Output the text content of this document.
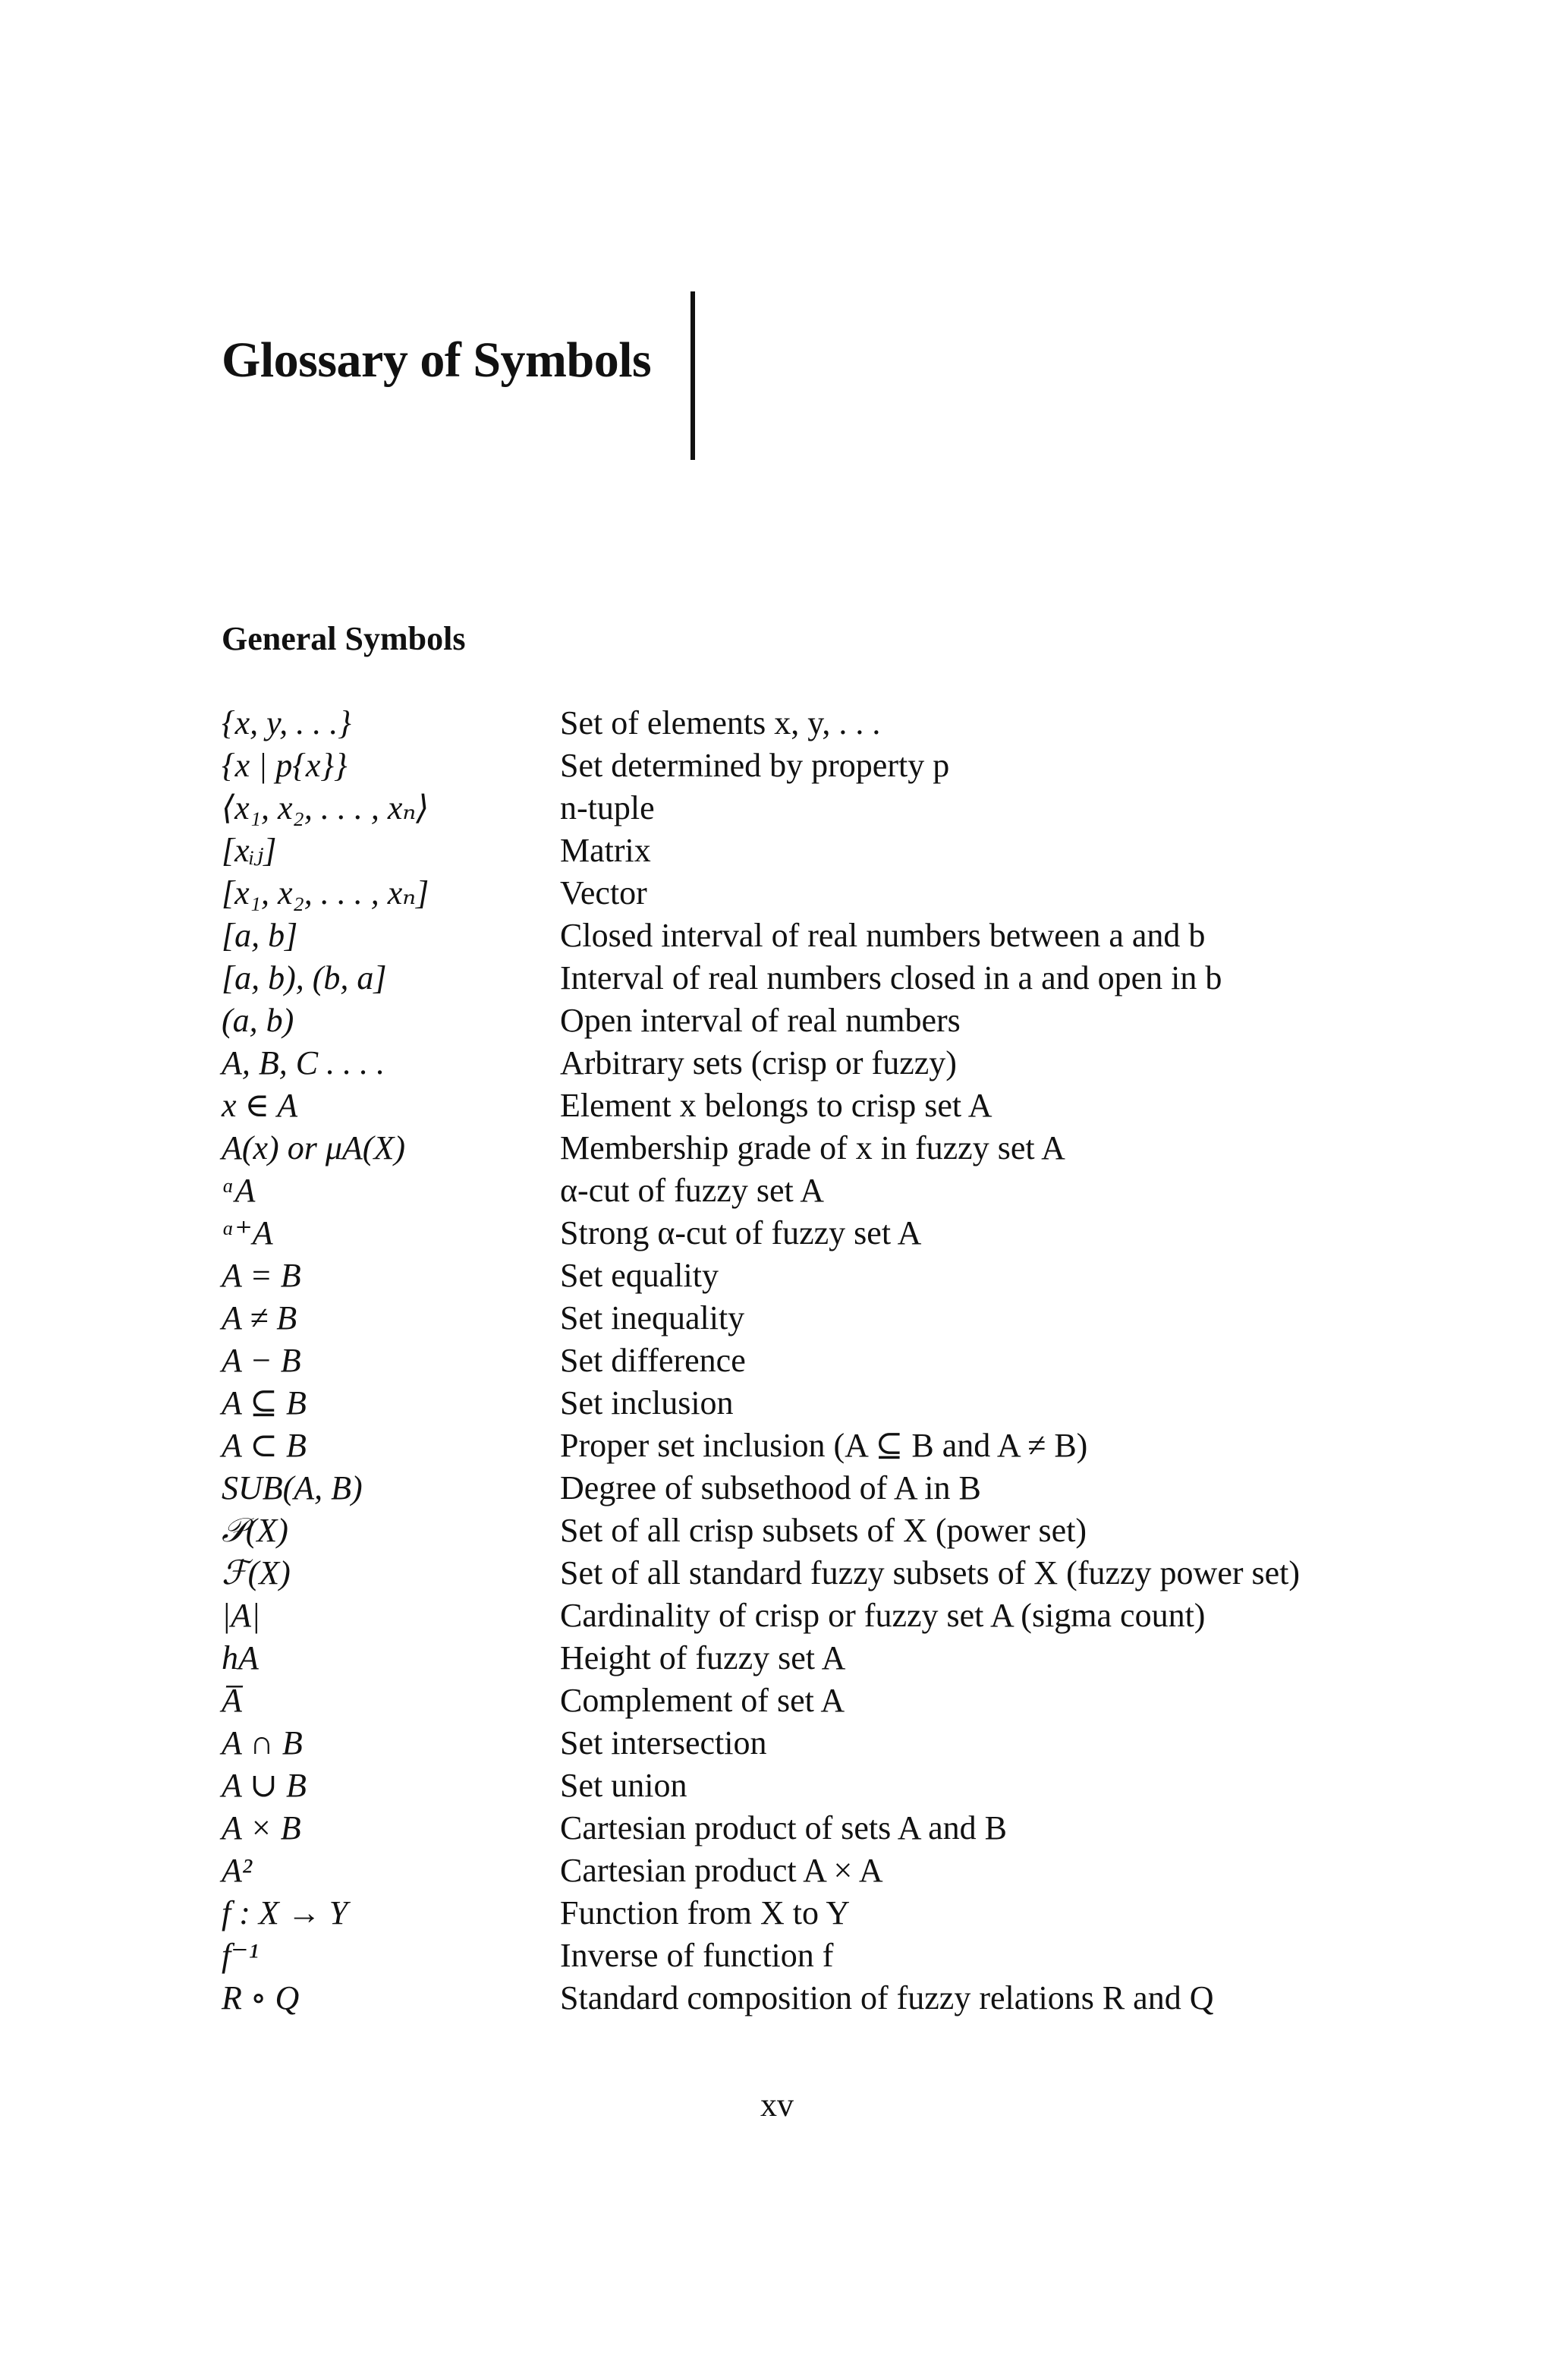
Glossary of Symbols
General Symbols
{x, y, . . .}	Set of elements x, y, . . .
{x | p{x}}	Set determined by property p
⟨x₁, x₂, . . . , xₙ⟩	n-tuple
[xᵢⱼ]	Matrix
[x₁, x₂, . . . , xₙ]	Vector
[a, b]	Closed interval of real numbers between a and b
[a, b), (b, a]	Interval of real numbers closed in a and open in b
(a, b)	Open interval of real numbers
A, B, C . . . .	Arbitrary sets (crisp or fuzzy)
x ∈ A	Element x belongs to crisp set A
A(x) or μA(X)	Membership grade of x in fuzzy set A
ᵅA	α-cut of fuzzy set A
ᵅ⁺A	Strong α-cut of fuzzy set A
A = B	Set equality
A ≠ B	Set inequality
A − B	Set difference
A ⊆ B	Set inclusion
A ⊂ B	Proper set inclusion (A ⊆ B and A ≠ B)
SUB(A, B)	Degree of subsethood of A in B
𝒫(X)	Set of all crisp subsets of X (power set)
ℱ(X)	Set of all standard fuzzy subsets of X (fuzzy power set)
|A|	Cardinality of crisp or fuzzy set A (sigma count)
hA	Height of fuzzy set A
A̅	Complement of set A
A ∩ B	Set intersection
A ∪ B	Set union
A × B	Cartesian product of sets A and B
A²	Cartesian product A × A
f : X → Y	Function from X to Y
f⁻¹	Inverse of function f
R ∘ Q	Standard composition of fuzzy relations R and Q
xv
